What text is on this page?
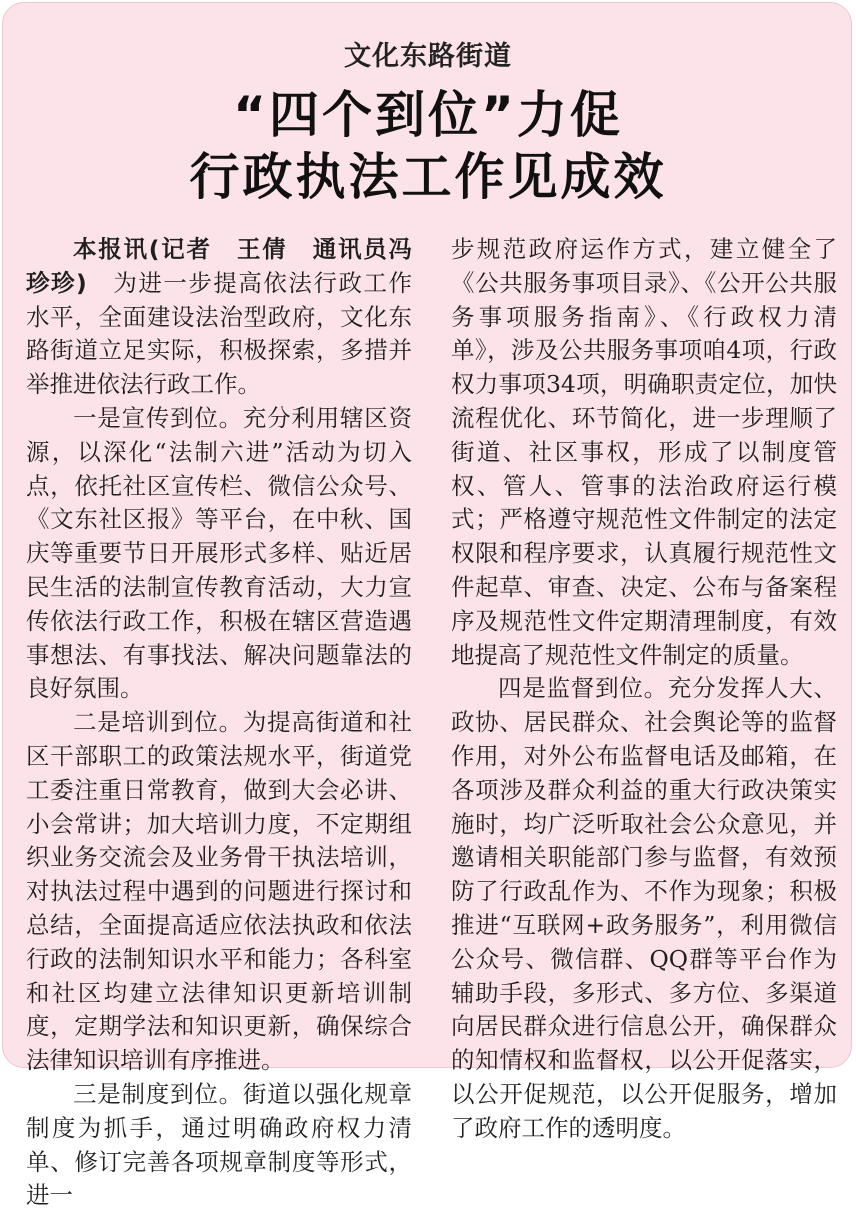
文化东路街道
“四个到位”力促
行政执法工作见成效

本报讯(记者　王倩　通讯员冯珍珍)　为进一步提高依法行政工作水平，全面建设法治型政府，文化东路街道立足实际，积极探索，多措并举推进依法行政工作。

一是宣传到位。充分利用辖区资源，以深化“法制六进”活动为切入点，依托社区宣传栏、微信公众号、《文东社区报》等平台，在中秋、国庆等重要节日开展形式多样、贴近居民生活的法制宣传教育活动，大力宣传依法行政工作，积极在辖区营造遇事想法、有事找法、解决问题靠法的良好氛围。

二是培训到位。为提高街道和社区干部职工的政策法规水平，街道党工委注重日常教育，做到大会必讲、小会常讲；加大培训力度，不定期组织业务交流会及业务骨干执法培训，对执法过程中遇到的问题进行探讨和总结，全面提高适应依法执政和依法行政的法制知识水平和能力；各科室和社区均建立法律知识更新培训制度，定期学法和知识更新，确保综合法律知识培训有序推进。

三是制度到位。街道以强化规章制度为抓手，通过明确政府权力清单、修订完善各项规章制度等形式，进一

步规范政府运作方式，建立健全了《公共服务事项目录》、《公开公共服务事项服务指南》、《行政权力清单》，涉及公共服务事项咱4项，行政权力事项34项，明确职责定位，加快流程优化、环节简化，进一步理顺了街道、社区事权，形成了以制度管权、管人、管事的法治政府运行模式；严格遵守规范性文件制定的法定权限和程序要求，认真履行规范性文件起草、审查、决定、公布与备案程序及规范性文件定期清理制度，有效地提高了规范性文件制定的质量。

四是监督到位。充分发挥人大、政协、居民群众、社会舆论等的监督作用，对外公布监督电话及邮箱，在各项涉及群众利益的重大行政决策实施时，均广泛听取社会公众意见，并邀请相关职能部门参与监督，有效预防了行政乱作为、不作为现象；积极推进“互联网+政务服务”，利用微信公众号、微信群、QQ群等平台作为辅助手段，多形式、多方位、多渠道向居民群众进行信息公开，确保群众的知情权和监督权，以公开促落实，以公开促规范，以公开促服务，增加了政府工作的透明度。
